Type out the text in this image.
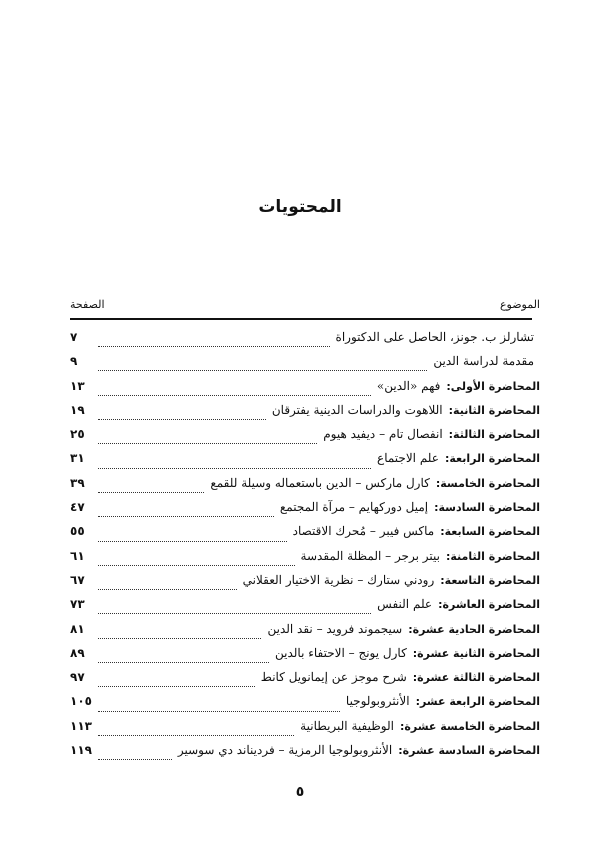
المحتويات
الموضوع
الصفحة
تشارلز ب. جونز، الحاصل على الدكتوراة
٧
مقدمة لدراسة الدين
٩
المحاضرة الأولى:
فهم «الدين»
١٣
المحاضرة الثانية:
اللاهوت والدراسات الدينية يفترقان
١٩
المحاضرة الثالثة:
انفصال تام – ديفيد هيوم
٢٥
المحاضرة الرابعة:
علم الاجتماع
٣١
المحاضرة الخامسة:
كارل ماركس – الدين باستعماله وسيلة للقمع
٣٩
المحاضرة السادسة:
إميل دوركهايم – مرآة المجتمع
٤٧
المحاضرة السابعة:
ماكس فيبر – مُحرك الاقتصاد
٥٥
المحاضرة الثامنة:
بيتر برجر – المظلة المقدسة
٦١
المحاضرة التاسعة:
رودني ستارك – نظرية الاختيار العقلاني
٦٧
المحاضرة العاشرة:
علم النفس
٧٣
المحاضرة الحادية عشرة:
سيجموند فرويد – نقد الدين
٨١
المحاضرة الثانية عشرة:
كارل يونج – الاحتفاء بالدين
٨٩
المحاضرة الثالثة عشرة:
شرح موجز عن إيمانويل كانط
٩٧
المحاضرة الرابعة عشر:
الأنثروبولوجيا
١٠٥
المحاضرة الخامسة عشرة:
الوظيفية البريطانية
١١٣
المحاضرة السادسة عشرة:
الأنثروبولوجيا الرمزية – فرديناند دي سوسير
١١٩
٥
